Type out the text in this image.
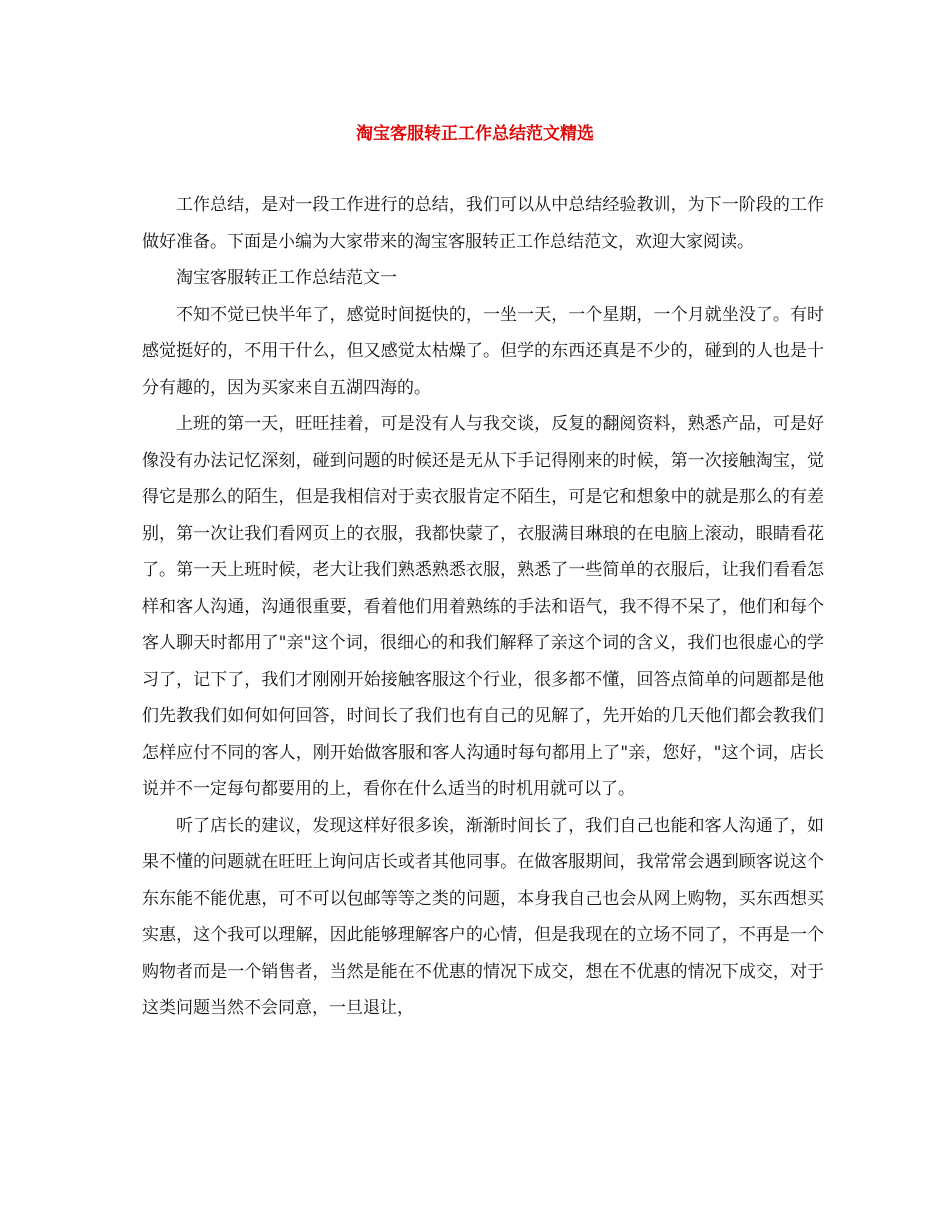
淘宝客服转正工作总结范文精选

工作总结，是对一段工作进行的总结，我们可以从中总结经验教训，为下一阶段的工作做好准备。下面是小编为大家带来的淘宝客服转正工作总结范文，欢迎大家阅读。

淘宝客服转正工作总结范文一

不知不觉已快半年了，感觉时间挺快的，一坐一天，一个星期，一个月就坐没了。有时感觉挺好的，不用干什么，但又感觉太枯燥了。但学的东西还真是不少的，碰到的人也是十分有趣的，因为买家来自五湖四海的。

上班的第一天，旺旺挂着，可是没有人与我交谈，反复的翻阅资料，熟悉产品，可是好像没有办法记忆深刻，碰到问题的时候还是无从下手记得刚来的时候，第一次接触淘宝，觉得它是那么的陌生，但是我相信对于卖衣服肯定不陌生，可是它和想象中的就是那么的有差别，第一次让我们看网页上的衣服，我都快蒙了，衣服满目琳琅的在电脑上滚动，眼睛看花了。第一天上班时候，老大让我们熟悉熟悉衣服，熟悉了一些简单的衣服后，让我们看看怎样和客人沟通，沟通很重要，看着他们用着熟练的手法和语气，我不得不呆了，他们和每个客人聊天时都用了"亲"这个词，很细心的和我们解释了亲这个词的含义，我们也很虚心的学习了，记下了，我们才刚刚开始接触客服这个行业，很多都不懂，回答点简单的问题都是他们先教我们如何如何回答，时间长了我们也有自己的见解了，先开始的几天他们都会教我们怎样应付不同的客人，刚开始做客服和客人沟通时每句都用上了"亲，您好，"这个词，店长说并不一定每句都要用的上，看你在什么适当的时机用就可以了。

听了店长的建议，发现这样好很多诶，渐渐时间长了，我们自己也能和客人沟通了，如果不懂的问题就在旺旺上询问店长或者其他同事。在做客服期间，我常常会遇到顾客说这个东东能不能优惠，可不可以包邮等等之类的问题，本身我自己也会从网上购物，买东西想买实惠，这个我可以理解，因此能够理解客户的心情，但是我现在的立场不同了，不再是一个购物者而是一个销售者，当然是能在不优惠的情况下成交，想在不优惠的情况下成交，对于这类问题当然不会同意，一旦退让，
